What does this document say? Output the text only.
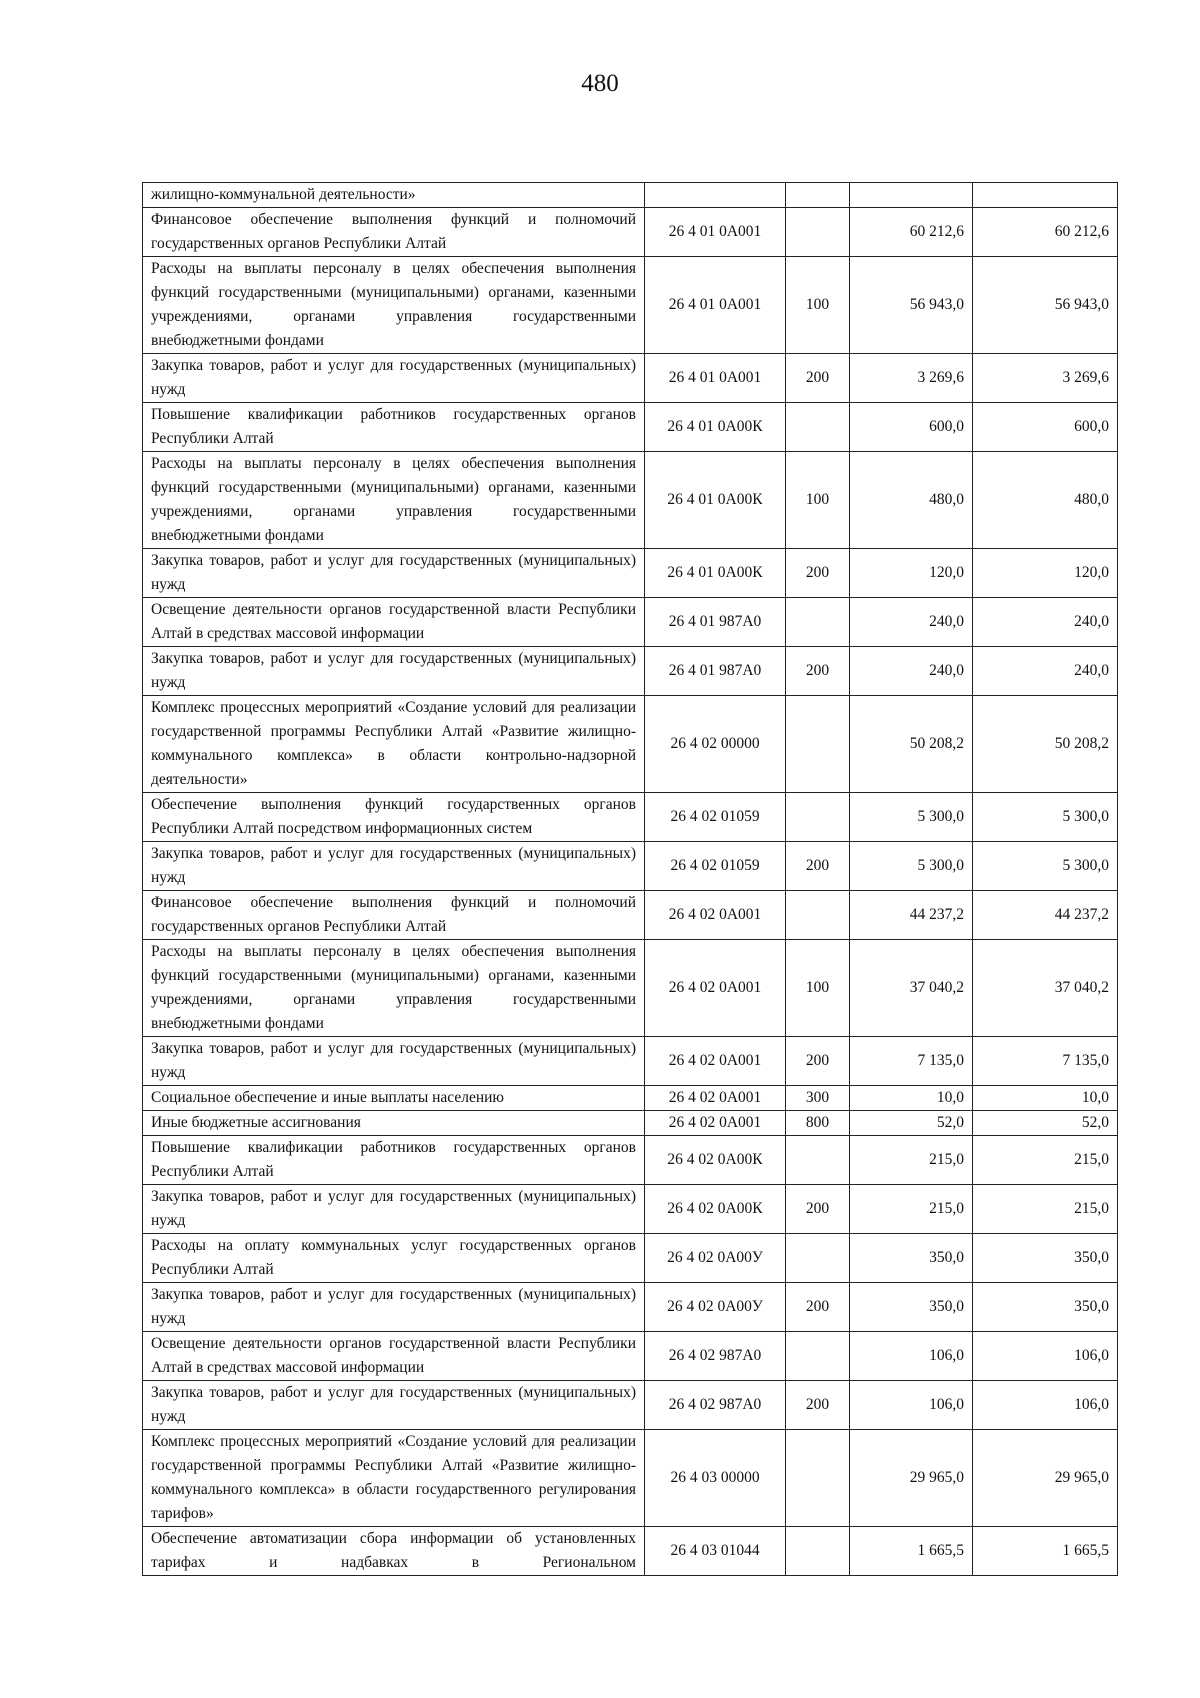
480
жилищно-коммунальной деятельности»				
Финансовое обеспечение выполнения функций и полномочий государственных органов Республики Алтай	26 4 01 0А001		60 212,6	60 212,6
Расходы на выплаты персоналу в целях обеспечения выполнения функций государственными (муниципальными) органами, казенными учреждениями, органами управления государственными внебюджетными фондами	26 4 01 0А001	100	56 943,0	56 943,0
Закупка товаров, работ и услуг для государственных (муниципальных) нужд	26 4 01 0А001	200	3 269,6	3 269,6
Повышение квалификации работников государственных органов Республики Алтай	26 4 01 0А00К		600,0	600,0
Расходы на выплаты персоналу в целях обеспечения выполнения функций государственными (муниципальными) органами, казенными учреждениями, органами управления государственными внебюджетными фондами	26 4 01 0А00К	100	480,0	480,0
Закупка товаров, работ и услуг для государственных (муниципальных) нужд	26 4 01 0А00К	200	120,0	120,0
Освещение деятельности органов государственной власти Республики Алтай в средствах массовой информации	26 4 01 987А0		240,0	240,0
Закупка товаров, работ и услуг для государственных (муниципальных) нужд	26 4 01 987А0	200	240,0	240,0
Комплекс процессных мероприятий «Создание условий для реализации государственной программы Республики Алтай «Развитие жилищно-коммунального комплекса» в области контрольно-надзорной деятельности»	26 4 02 00000		50 208,2	50 208,2
Обеспечение выполнения функций государственных органов Республики Алтай посредством информационных систем	26 4 02 01059		5 300,0	5 300,0
Закупка товаров, работ и услуг для государственных (муниципальных) нужд	26 4 02 01059	200	5 300,0	5 300,0
Финансовое обеспечение выполнения функций и полномочий государственных органов Республики Алтай	26 4 02 0А001		44 237,2	44 237,2
Расходы на выплаты персоналу в целях обеспечения выполнения функций государственными (муниципальными) органами, казенными учреждениями, органами управления государственными внебюджетными фондами	26 4 02 0А001	100	37 040,2	37 040,2
Закупка товаров, работ и услуг для государственных (муниципальных) нужд	26 4 02 0А001	200	7 135,0	7 135,0
Социальное обеспечение и иные выплаты населению	26 4 02 0А001	300	10,0	10,0
Иные бюджетные ассигнования	26 4 02 0А001	800	52,0	52,0
Повышение квалификации работников государственных органов Республики Алтай	26 4 02 0А00К		215,0	215,0
Закупка товаров, работ и услуг для государственных (муниципальных) нужд	26 4 02 0А00К	200	215,0	215,0
Расходы на оплату коммунальных услуг государственных органов Республики Алтай	26 4 02 0А00У		350,0	350,0
Закупка товаров, работ и услуг для государственных (муниципальных) нужд	26 4 02 0А00У	200	350,0	350,0
Освещение деятельности органов государственной власти Республики Алтай в средствах массовой информации	26 4 02 987А0		106,0	106,0
Закупка товаров, работ и услуг для государственных (муниципальных) нужд	26 4 02 987А0	200	106,0	106,0
Комплекс процессных мероприятий «Создание условий для реализации государственной программы Республики Алтай «Развитие жилищно-коммунального комплекса» в области государственного регулирования тарифов»	26 4 03 00000		29 965,0	29 965,0
Обеспечение автоматизации сбора информации об установленных тарифах и надбавках в Региональном	26 4 03 01044		1 665,5	1 665,5
